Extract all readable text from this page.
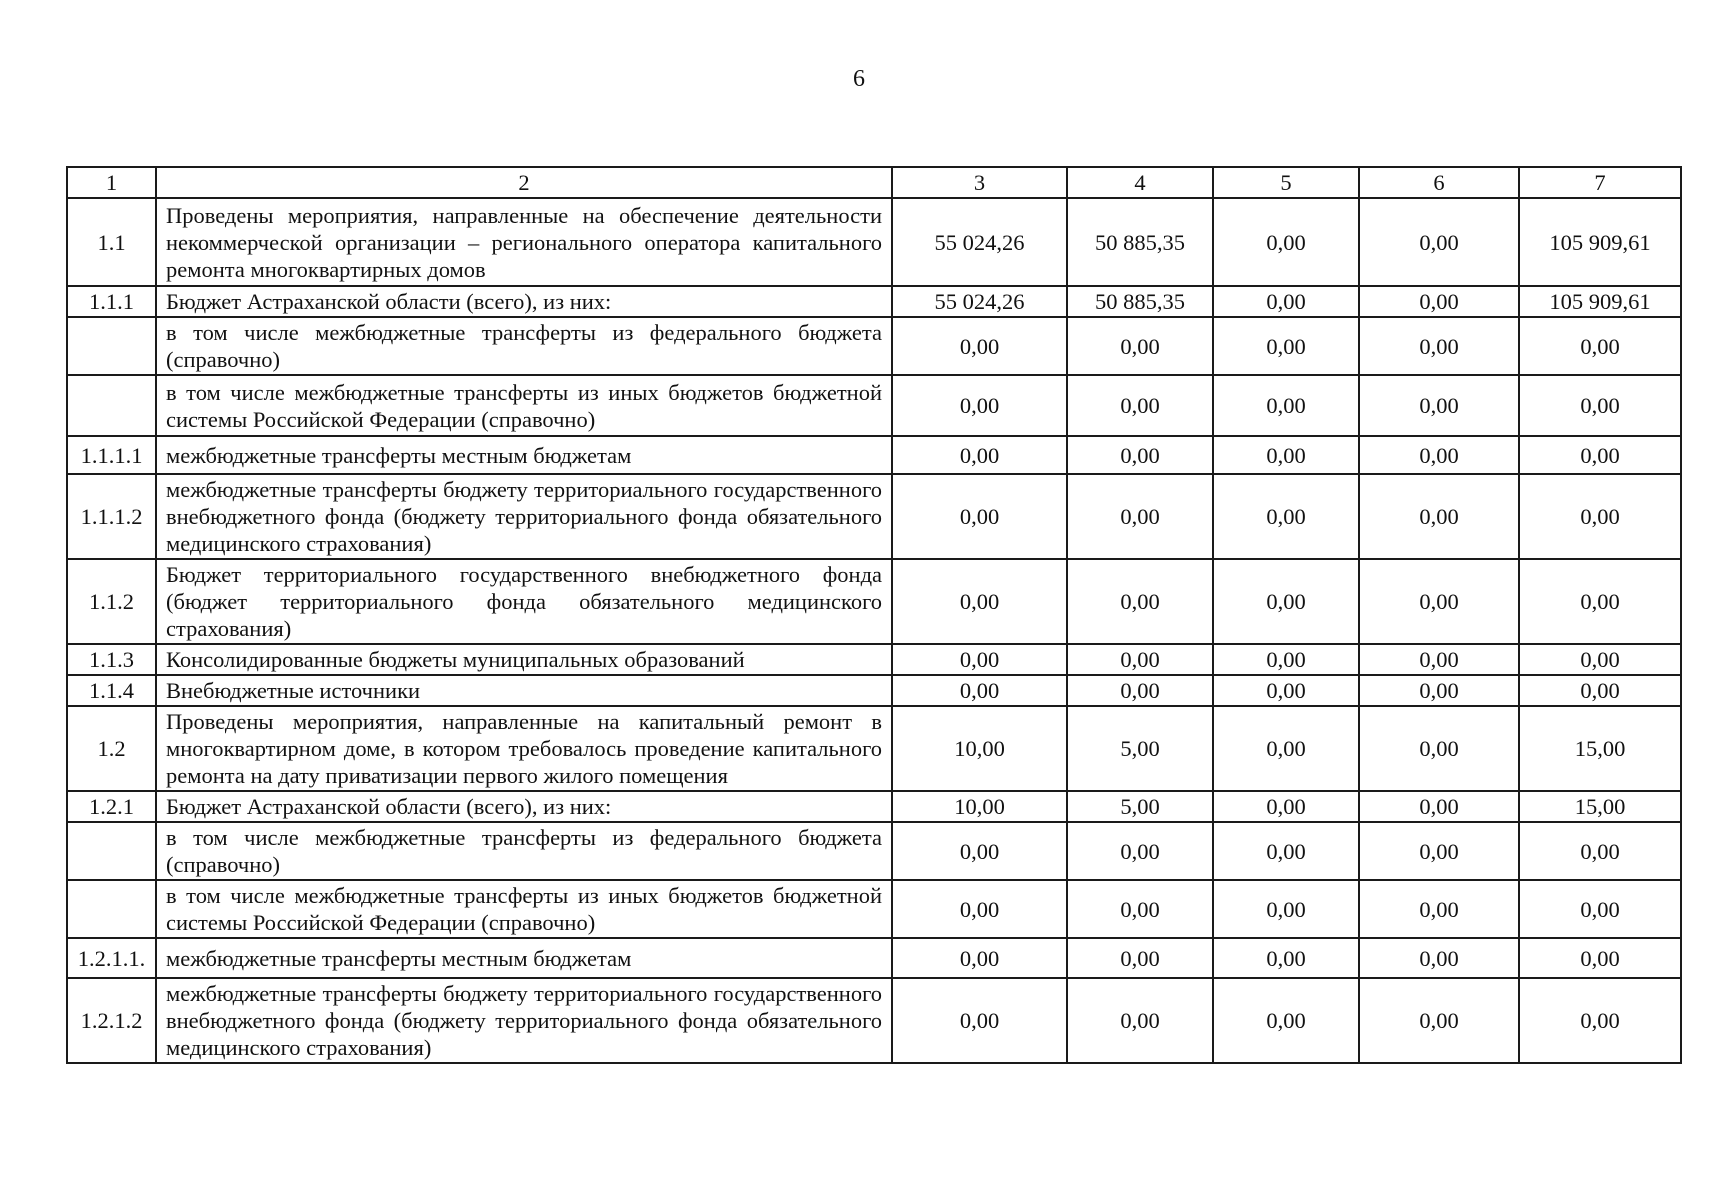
6
1	2	3	4	5	6	7
1.1	Проведены мероприятия, направленные на обеспечение деятельности некоммерческой организации – регионального оператора капитального ремонта многоквартирных домов	55 024,26	50 885,35	0,00	0,00	105 909,61
1.1.1	Бюджет Астраханской области (всего), из них:	55 024,26	50 885,35	0,00	0,00	105 909,61
	в том числе межбюджетные трансферты из федерального бюджета (справочно)	0,00	0,00	0,00	0,00	0,00
	в том числе межбюджетные трансферты из иных бюджетов бюджетной системы Российской Федерации (справочно)	0,00	0,00	0,00	0,00	0,00
1.1.1.1	межбюджетные трансферты местным бюджетам	0,00	0,00	0,00	0,00	0,00
1.1.1.2	межбюджетные трансферты бюджету территориального государственного внебюджетного фонда (бюджету территориального фонда обязательного медицинского страхования)	0,00	0,00	0,00	0,00	0,00
1.1.2	Бюджет территориального государственного внебюджетного фонда (бюджет территориального фонда обязательного медицинского страхования)	0,00	0,00	0,00	0,00	0,00
1.1.3	Консолидированные бюджеты муниципальных образований	0,00	0,00	0,00	0,00	0,00
1.1.4	Внебюджетные источники	0,00	0,00	0,00	0,00	0,00
1.2	Проведены мероприятия, направленные на капитальный ремонт в многоквартирном доме, в котором требовалось проведение капитального ремонта на дату приватизации первого жилого помещения	10,00	5,00	0,00	0,00	15,00
1.2.1	Бюджет Астраханской области (всего), из них:	10,00	5,00	0,00	0,00	15,00
	в том числе межбюджетные трансферты из федерального бюджета (справочно)	0,00	0,00	0,00	0,00	0,00
	в том числе межбюджетные трансферты из иных бюджетов бюджетной системы Российской Федерации (справочно)	0,00	0,00	0,00	0,00	0,00
1.2.1.1.	межбюджетные трансферты местным бюджетам	0,00	0,00	0,00	0,00	0,00
1.2.1.2	межбюджетные трансферты бюджету территориального государственного внебюджетного фонда (бюджету территориального фонда обязательного медицинского страхования)	0,00	0,00	0,00	0,00	0,00
